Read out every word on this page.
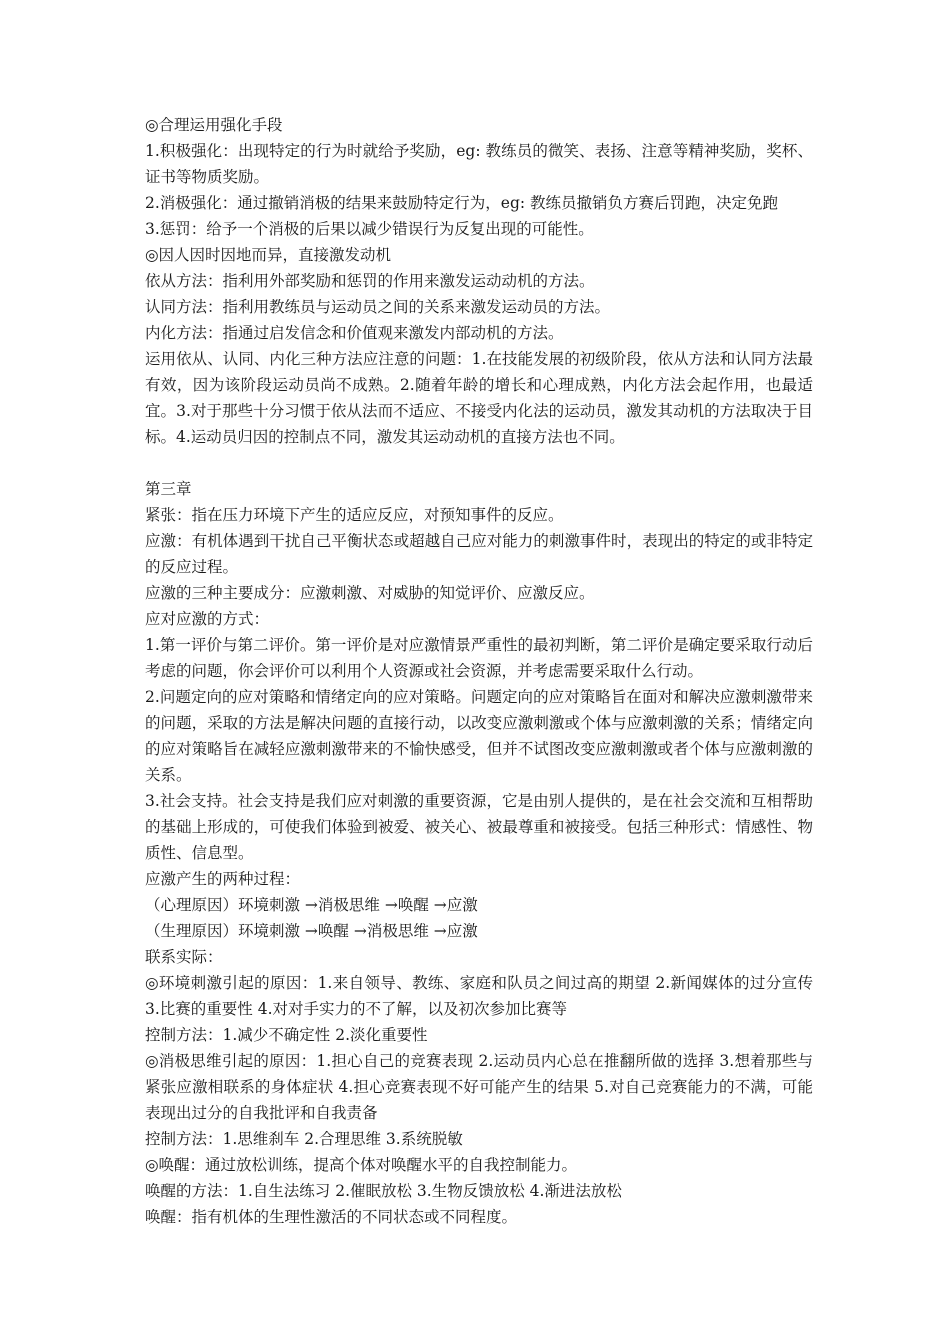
◎合理运用强化手段

1.积极强化：出现特定的行为时就给予奖励，eg: 教练员的微笑、表扬、注意等精神奖励，奖杯、证书等物质奖励。

2.消极强化：通过撤销消极的结果来鼓励特定行为，eg: 教练员撤销负方赛后罚跑，决定免跑

3.惩罚：给予一个消极的后果以减少错误行为反复出现的可能性。

◎因人因时因地而异，直接激发动机

依从方法：指利用外部奖励和惩罚的作用来激发运动动机的方法。

认同方法：指利用教练员与运动员之间的关系来激发运动员的方法。

内化方法：指通过启发信念和价值观来激发内部动机的方法。

运用依从、认同、内化三种方法应注意的问题：1.在技能发展的初级阶段，依从方法和认同方法最有效，因为该阶段运动员尚不成熟。2.随着年龄的增长和心理成熟，内化方法会起作用，也最适宜。3.对于那些十分习惯于依从法而不适应、不接受内化法的运动员，激发其动机的方法取决于目标。4.运动员归因的控制点不同，激发其运动动机的直接方法也不同。

第三章

紧张：指在压力环境下产生的适应反应，对预知事件的反应。

应激：有机体遇到干扰自己平衡状态或超越自己应对能力的刺激事件时，表现出的特定的或非特定的反应过程。

应激的三种主要成分：应激刺激、对威胁的知觉评价、应激反应。

应对应激的方式：

1.第一评价与第二评价。第一评价是对应激情景严重性的最初判断，第二评价是确定要采取行动后考虑的问题，你会评价可以利用个人资源或社会资源，并考虑需要采取什么行动。

2.问题定向的应对策略和情绪定向的应对策略。问题定向的应对策略旨在面对和解决应激刺激带来的问题，采取的方法是解决问题的直接行动，以改变应激刺激或个体与应激刺激的关系；情绪定向的应对策略旨在减轻应激刺激带来的不愉快感受，但并不试图改变应激刺激或者个体与应激刺激的关系。

3.社会支持。社会支持是我们应对刺激的重要资源，它是由别人提供的，是在社会交流和互相帮助的基础上形成的，可使我们体验到被爱、被关心、被最尊重和被接受。包括三种形式：情感性、物质性、信息型。

应激产生的两种过程：

（心理原因）环境刺激 →消极思维 →唤醒 →应激

（生理原因）环境刺激 →唤醒 →消极思维 →应激

联系实际：

◎环境刺激引起的原因：1.来自领导、教练、家庭和队员之间过高的期望 2.新闻媒体的过分宣传 3.比赛的重要性 4.对对手实力的不了解，以及初次参加比赛等

控制方法：1.减少不确定性 2.淡化重要性

◎消极思维引起的原因：1.担心自己的竞赛表现 2.运动员内心总在推翻所做的选择 3.想着那些与紧张应激相联系的身体症状 4.担心竞赛表现不好可能产生的结果 5.对自己竞赛能力的不满，可能表现出过分的自我批评和自我责备

控制方法：1.思维刹车 2.合理思维 3.系统脱敏

◎唤醒：通过放松训练，提高个体对唤醒水平的自我控制能力。

唤醒的方法：1.自生法练习 2.催眠放松 3.生物反馈放松 4.渐进法放松

唤醒：指有机体的生理性激活的不同状态或不同程度。
